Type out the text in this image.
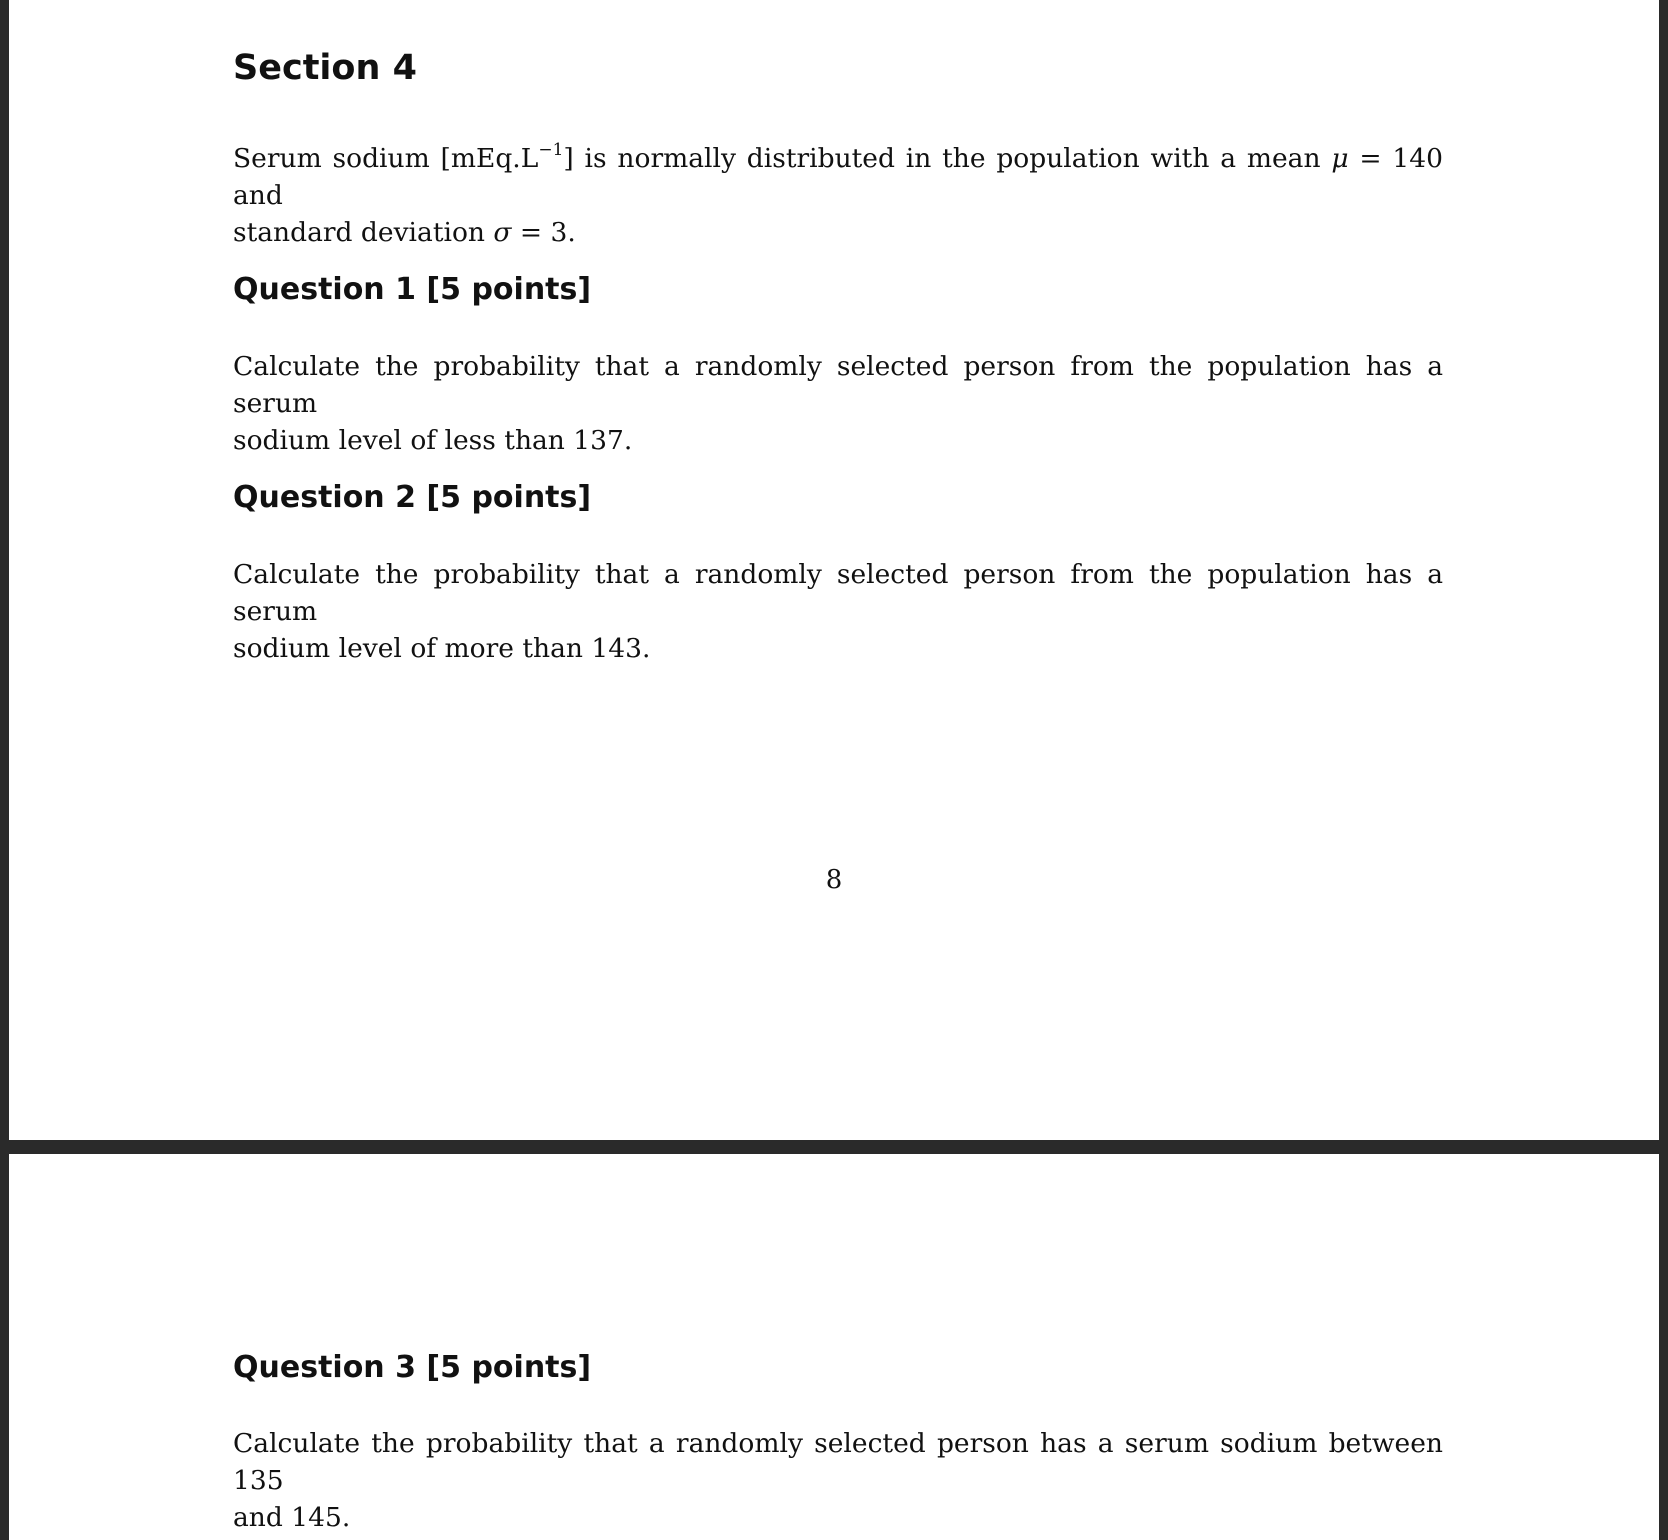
Section 4

Serum sodium $[mEq.L^{-1}]$ is normally distributed in the population with a mean μ = 140 and
standard deviation σ = 3.

Question 1 [5 points]

Calculate the probability that a randomly selected person from the population has a serum
sodium level of less than 137.

Question 2 [5 points]

Calculate the probability that a randomly selected person from the population has a serum
sodium level of more than 143.

8
Question 3 [5 points]

Calculate the probability that a randomly selected person has a serum sodium between 135
and 145.
